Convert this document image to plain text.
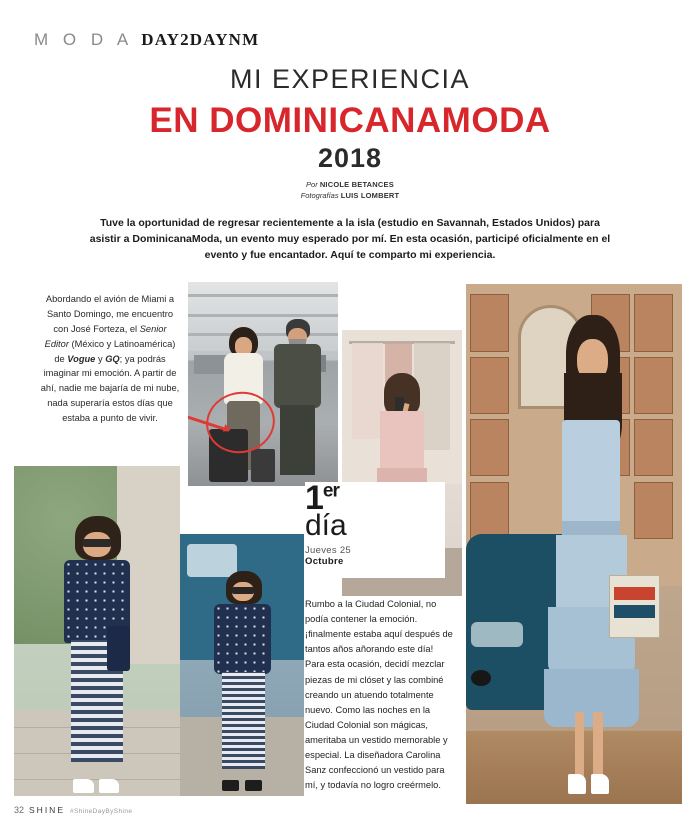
M O D A DAY2DAYNM
MI EXPERIENCIA
EN DOMINICANAMODA
2018
Por NICOLE BETANCES
Fotografías LUIS LOMBERT

Tuve la oportunidad de regresar recientemente a la isla (estudio en Savannah, Estados Unidos) para asistir a DominicanaModa, un evento muy esperado por mí. En esta ocasión, participé oficialmente en el evento y fue encantador. Aquí te comparto mi experiencia.

Abordando el avión de Miami a Santo Domingo, me encuentro con José Forteza, el Senior Editor (México y Latinoamérica) de Vogue y GQ; ya podrás imaginar mi emoción. A partir de ahí, nadie me bajaría de mi nube, nada superaría estos días que estaba a punto de vivir.
1er
día
Jueves 25
Octubre

Rumbo a la Ciudad Colonial, no podía contener la emoción. ¡finalmente estaba aquí después de tantos años añorando este día! Para esta ocasión, decidí mezclar piezas de mi clóset y las combiné creando un atuendo totalmente nuevo. Como las noches en la Ciudad Colonial son mágicas, ameritaba un vestido memorable y especial. La diseñadora Carolina Sanz confeccionó un vestido para mí, y todavía no logro creérmelo.

32 SHINE #ShineDayByShine
